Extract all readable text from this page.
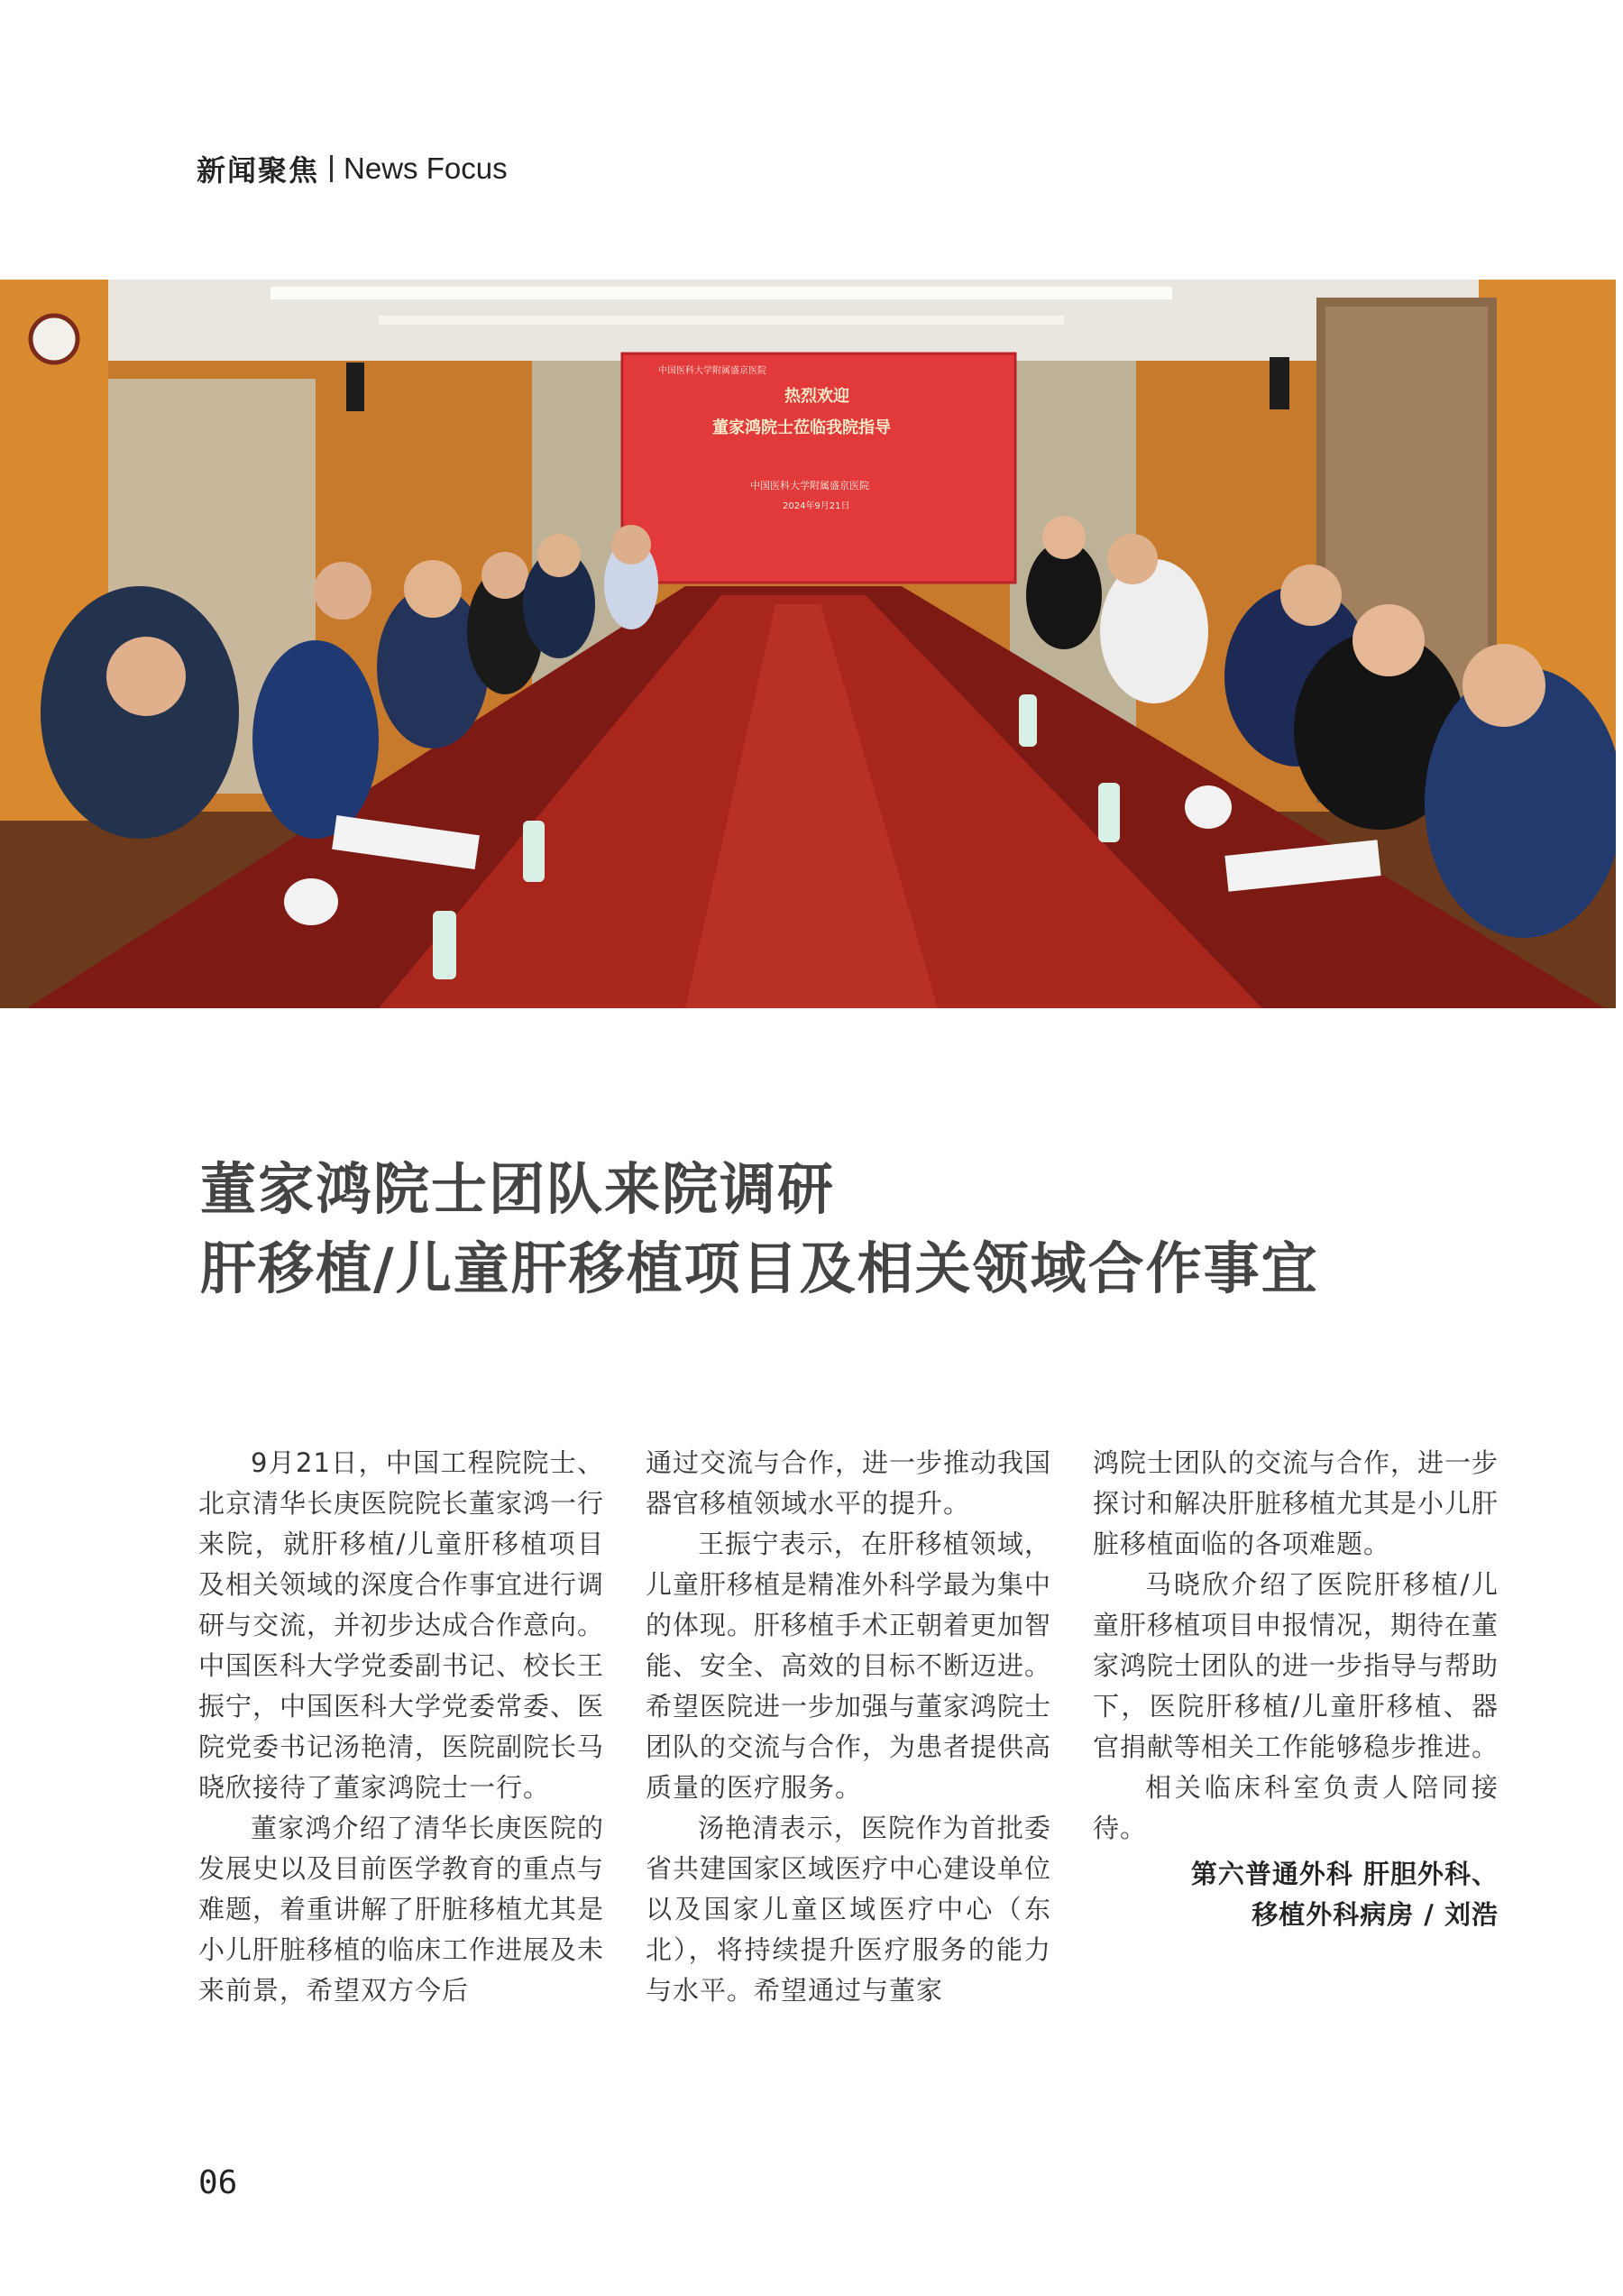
新闻聚焦 News Focus
中国医科大学附属盛京医院
热烈欢迎
董家鸿院士莅临我院指导
中国医科大学附属盛京医院
2024年9月21日
董家鸿院士团队来院调研
肝移植/儿童肝移植项目及相关领域合作事宜

9月21日，中国工程院院士、北京清华长庚医院院长董家鸿一行来院，就肝移植/儿童肝移植项目及相关领域的深度合作事宜进行调研与交流，并初步达成合作意向。中国医科大学党委副书记、校长王振宁，中国医科大学党委常委、医院党委书记汤艳清，医院副院长马晓欣接待了董家鸿院士一行。

董家鸿介绍了清华长庚医院的发展史以及目前医学教育的重点与难题，着重讲解了肝脏移植尤其是小儿肝脏移植的临床工作进展及未来前景，希望双方今后

通过交流与合作，进一步推动我国器官移植领域水平的提升。

王振宁表示，在肝移植领域，儿童肝移植是精准外科学最为集中的体现。肝移植手术正朝着更加智能、安全、高效的目标不断迈进。希望医院进一步加强与董家鸿院士团队的交流与合作，为患者提供高质量的医疗服务。

汤艳清表示，医院作为首批委省共建国家区域医疗中心建设单位以及国家儿童区域医疗中心（东北），将持续提升医疗服务的能力与水平。希望通过与董家

鸿院士团队的交流与合作，进一步探讨和解决肝脏移植尤其是小儿肝脏移植面临的各项难题。

马晓欣介绍了医院肝移植/儿童肝移植项目申报情况，期待在董家鸿院士团队的进一步指导与帮助下，医院肝移植/儿童肝移植、器官捐献等相关工作能够稳步推进。

相关临床科室负责人陪同接待。

第六普通外科 肝胆外科、
移植外科病房 / 刘浩
06
